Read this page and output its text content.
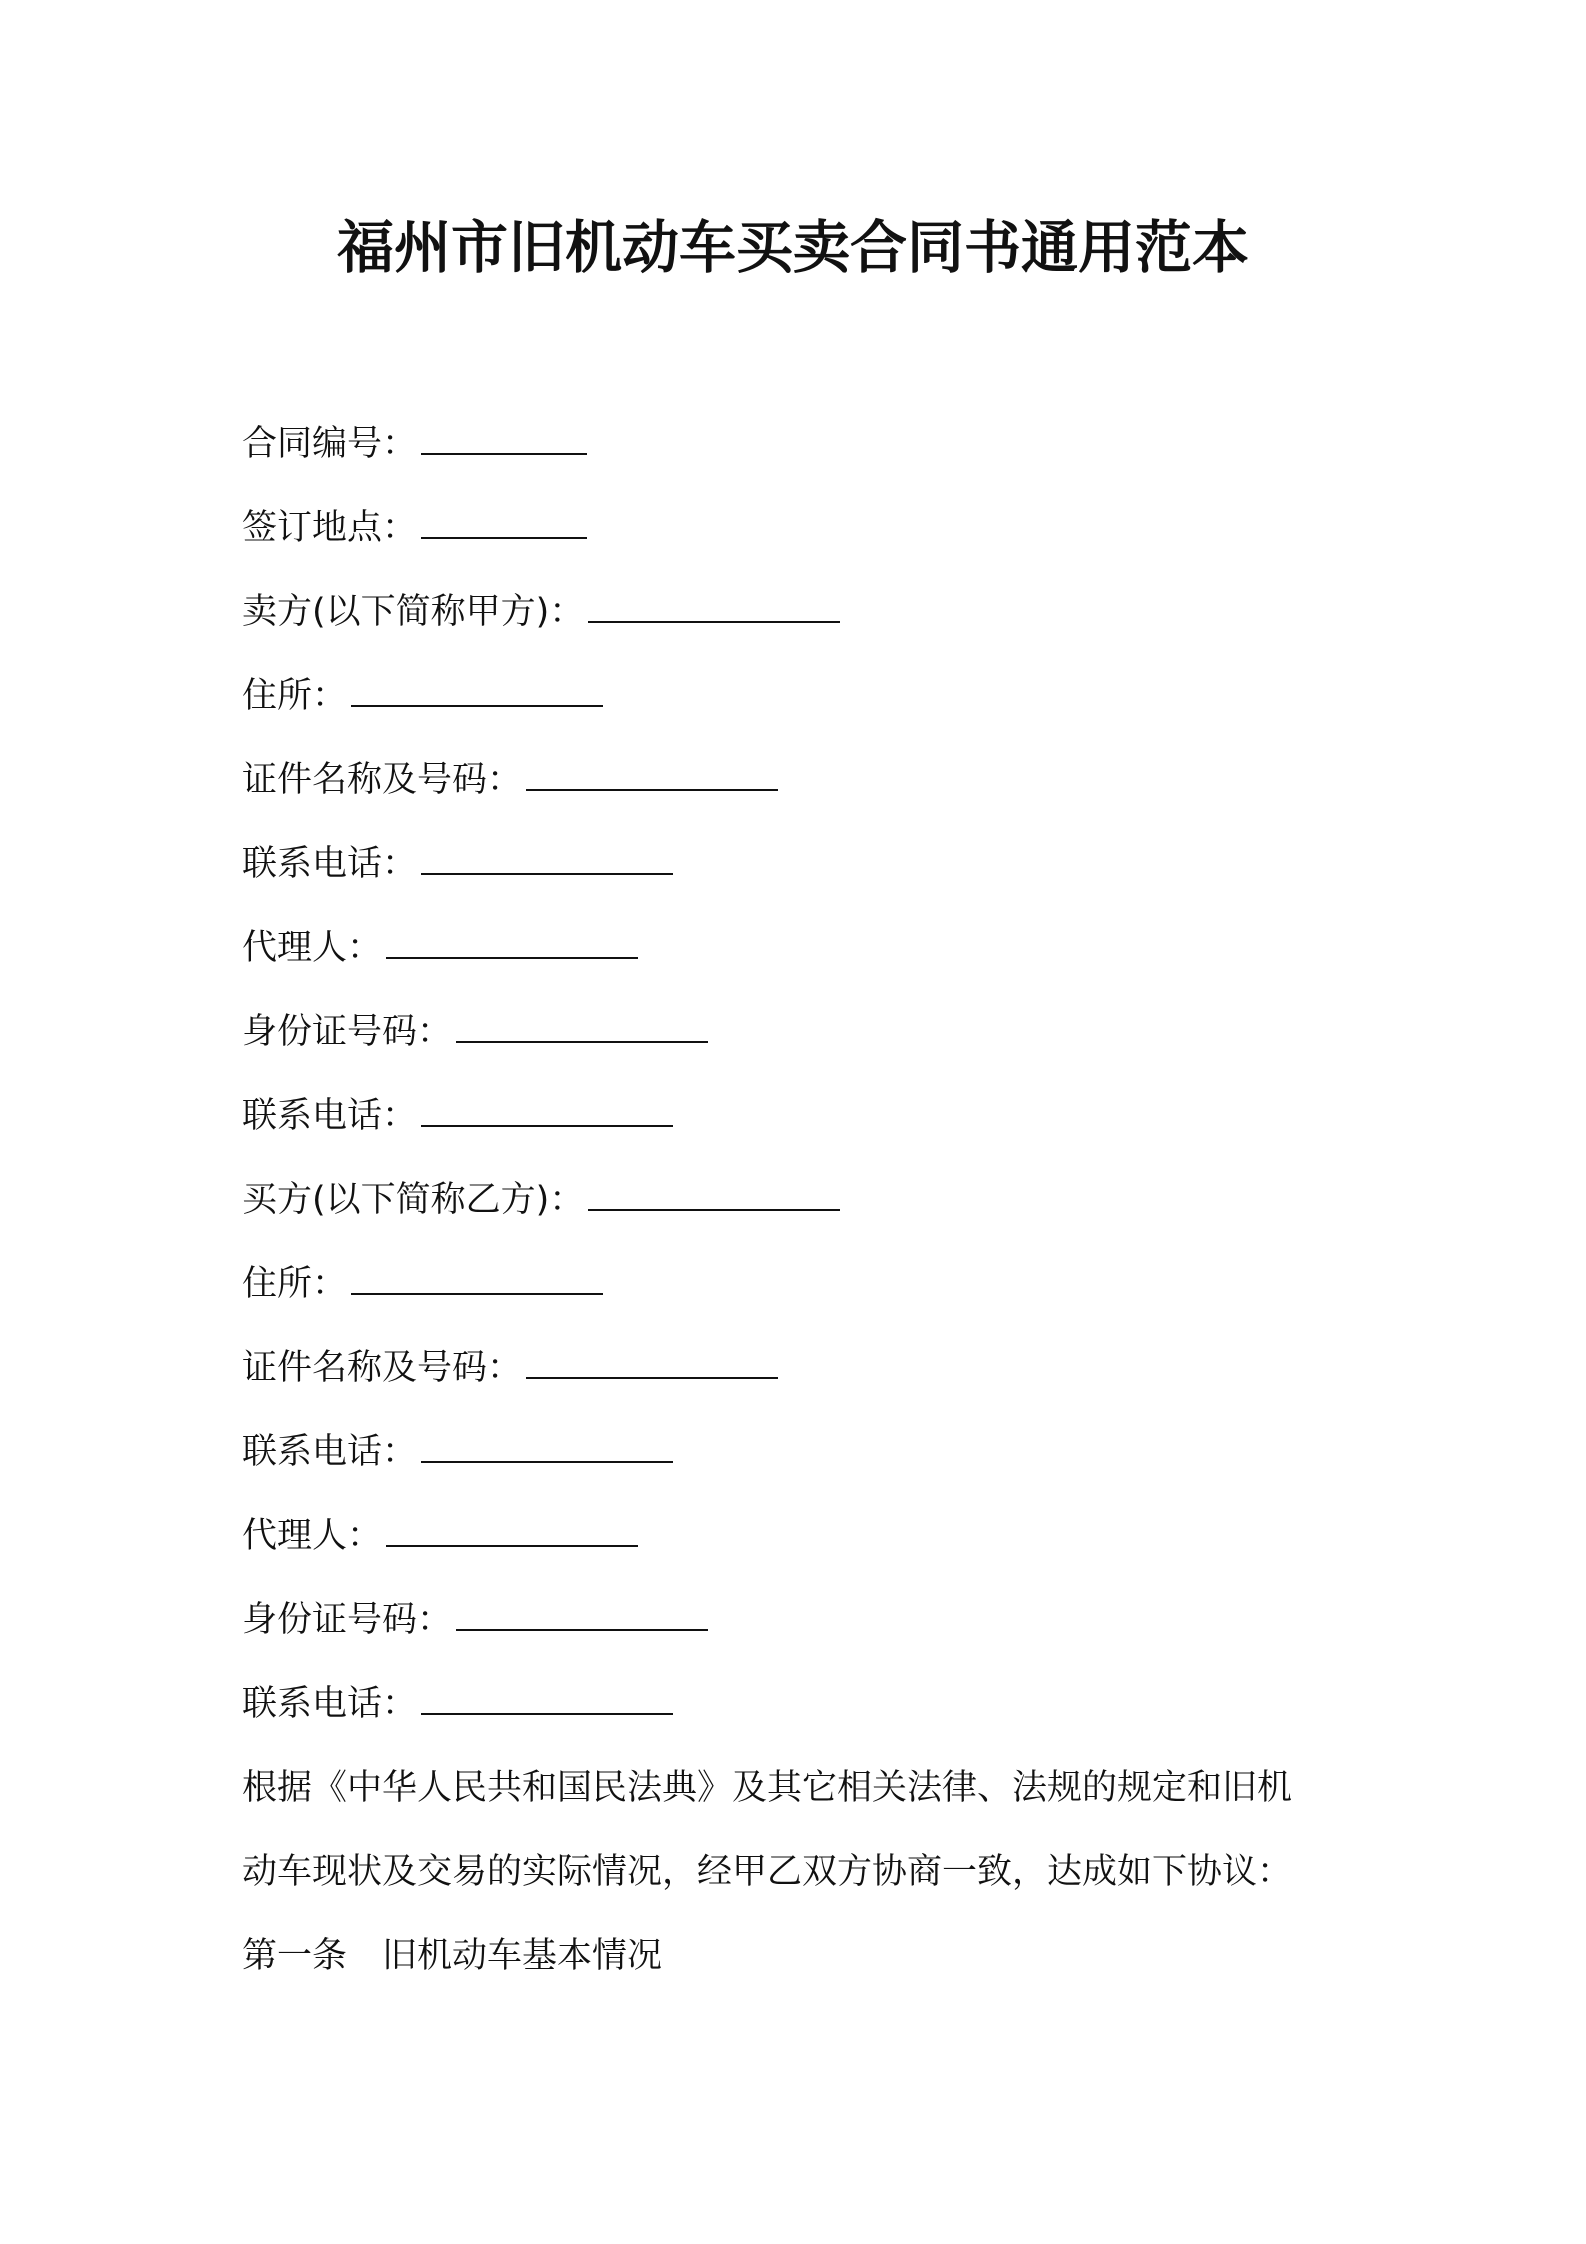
福州市旧机动车买卖合同书通用范本
合同编号：
签订地点：
卖方(以下简称甲方)：
住所：
证件名称及号码：
联系电话：
代理人：
身份证号码：
联系电话：
买方(以下简称乙方)：
住所：
证件名称及号码：
联系电话：
代理人：
身份证号码：
联系电话：
根据《中华人民共和国民法典》及其它相关法律、法规的规定和旧机
动车现状及交易的实际情况，经甲乙双方协商一致，达成如下协议：
第一条　旧机动车基本情况
